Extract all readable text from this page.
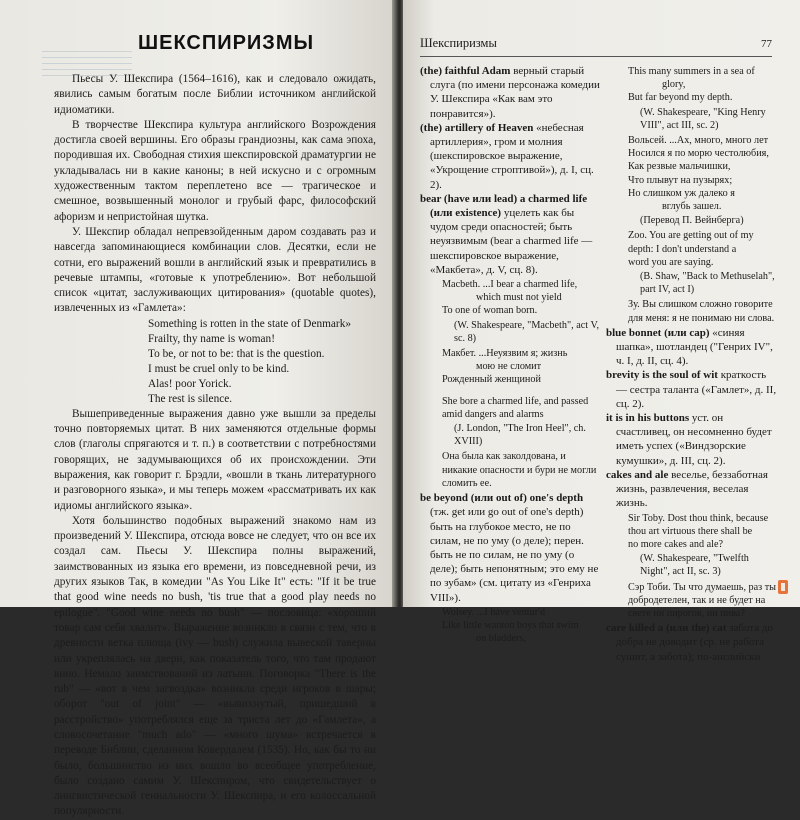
ШЕКСПИРИЗМЫ

Пьесы У. Шекспира (1564–1616), как и следовало ожидать, явились самым богатым после Библии источником английской идиоматики.

В творчестве Шекспира культура английского Возрождения достигла своей вершины. Его образы грандиозны, как сама эпоха, породившая их. Свободная стихия шекспировской драматургии не укладывалась ни в какие каноны; в ней искусно и с огромным художественным тактом переплетено все — трагическое и смешное, возвышенный монолог и грубый фарс, философский афоризм и непристойная шутка.

У. Шекспир обладал непревзойденным даром создавать раз и навсегда запоминающиеся комбинации слов. Десятки, если не сотни, его выражений вошли в английский язык и превратились в речевые штампы, «готовые к употреблению». Вот небольшой список «цитат, заслуживающих цитирования» (quotable quotes), извлеченных из «Гамлета»:

Something is rotten in the state of Denmark»
Frailty, thy name is woman!
To be, or not to be: that is the question.
I must be cruel only to be kind.
Alas! poor Yorick.
The rest is silence.

Вышеприведенные выражения давно уже вышли за пределы точно повторяемых цитат. В них заменяются отдельные формы слов (глаголы спрягаются и т. п.) в соответствии с потребностями говорящих, не задумывающихся об их происхождении. Эти выражения, как говорит г. Брэдли, «вошли в ткань литературного и разговорного языка», и мы теперь можем «рассматривать их как идиомы английского языка».

Хотя большинство подобных выражений знакомо нам из произведений У. Шекспира, отсюда вовсе не следует, что он все их создал сам. Пьесы У. Шекспира полны выражений, заимствованных из языка его времени, из повседневной речи, из других языков Так, в комедии "As You Like It" есть: "If it be true that good wine needs no bush, 'tis true that a good play needs no epilogue". "Good wine needs no bush" — пословица: «хороший товар сам себя хвалит». Выражение возникло в связи с тем, что в древности ветка плюща (ivy — bush) служила вывеской таверны или укреплялась на двери, как показатель того, что там продают вино. Немало заимствований из латыни. Поговорка "There is the rub" — «вот в чем загвоздка» возникла среди игроков в шары; оборот "out of joint" — «вывихнутый, пришедший в расстройство» употреблялся еще за триста лет до «Гамлета», а словосочетание "much ado" — «много шума» встречается в переводе Библии, сделанном Ковердалем (1535). Но, как бы то ни было, большинство из них вошло во всеобщее употребление, было создано самим У. Шекспиром, что свидетельствует о лингвистической гениальности У. Шекспира, и его колоссальной популярности.

Шекспиризмы	77

(the) faithful Adam верный старый слуга (по имени персонажа комедии У. Шекспира «Как вам это понравится»).

(the) artillery of Heaven «небесная артиллерия», гром и молния (шекспировское выражение, «Укрощение строптивой»), д. I, сц. 2).

bear (have или lead) a charmed life (или existence) уцелеть как бы чудом среди опасностей; быть неуязвимым (bear a charmed life — шекспировское выражение, «Макбета», д. V, сц. 8).

Macbeth. ...I bear a charmed life,
which must not yield
To one of woman born.
(W. Shakespeare, "Macbeth", act V, sc. 8)
Макбет. ...Неуязвим я; жизнь
мою не сломит
Рожденный женщиной
She bore a charmed life, and passed
amid dangers and alarms
(J. London, "The Iron Heel", ch. XVIII)
Она была как заколдована, и никакие опасности и бури не могли сломить ее.

be beyond (или out of) one's depth (тж. get или go out of one's depth) быть на глубокое место, не по силам, не по уму (о деле); перен. быть не по силам, не по уму (о деле); быть непонятным; это ему не по зубам» (см. цитату из «Генриха VIII»).

Wolsey. ...I have ventur'd
Like little wanton boys that swim
on bladders,
This many summers in a sea of
glory,
But far beyond my depth.
(W. Shakespeare, "King Henry VIII", act III, sc. 2)
Вольсей. ...Ах, много, много лет
Носился я по морю честолюбия,
Как резвые мальчишки,
Что плывут на пузырях;
Но слишком уж далеко я
вглубь зашел.
(Перевод П. Вейнберга)
Zoo. You are getting out of my
depth: I don't understand a
word you are saying.
(B. Shaw, "Back to Methuselah", part IV, act I)
Зу. Вы слишком сложно говорите для меня: я не понимаю ни слова.

blue bonnet (или cap) «синяя шапка», шотландец ("Генрих IV", ч. I, д. II, сц. 4).

brevity is the soul of wit краткость — сестра таланта («Гамлет», д. II, сц. 2).

it is in his buttons уст. он счастливец, он несомненно будет иметь успех («Виндзорские кумушки», д. III, сц. 2).

cakes and ale веселье, беззаботная жизнь, развлечения, веселая жизнь.

Sir Toby. Dost thou think, because
thou art virtuous there shall be
no more cakes and ale?
(W. Shakespeare, "Twelfth Night", act II, sc. 3)
Сэр Тоби. Ты что думаешь, раз ты добродетелен, так и не будет на свете ни пирогов, ни пива?

care killed a (или the) cat забота до добра не доводит (ср. не работа сушит, а забота); по-английски
